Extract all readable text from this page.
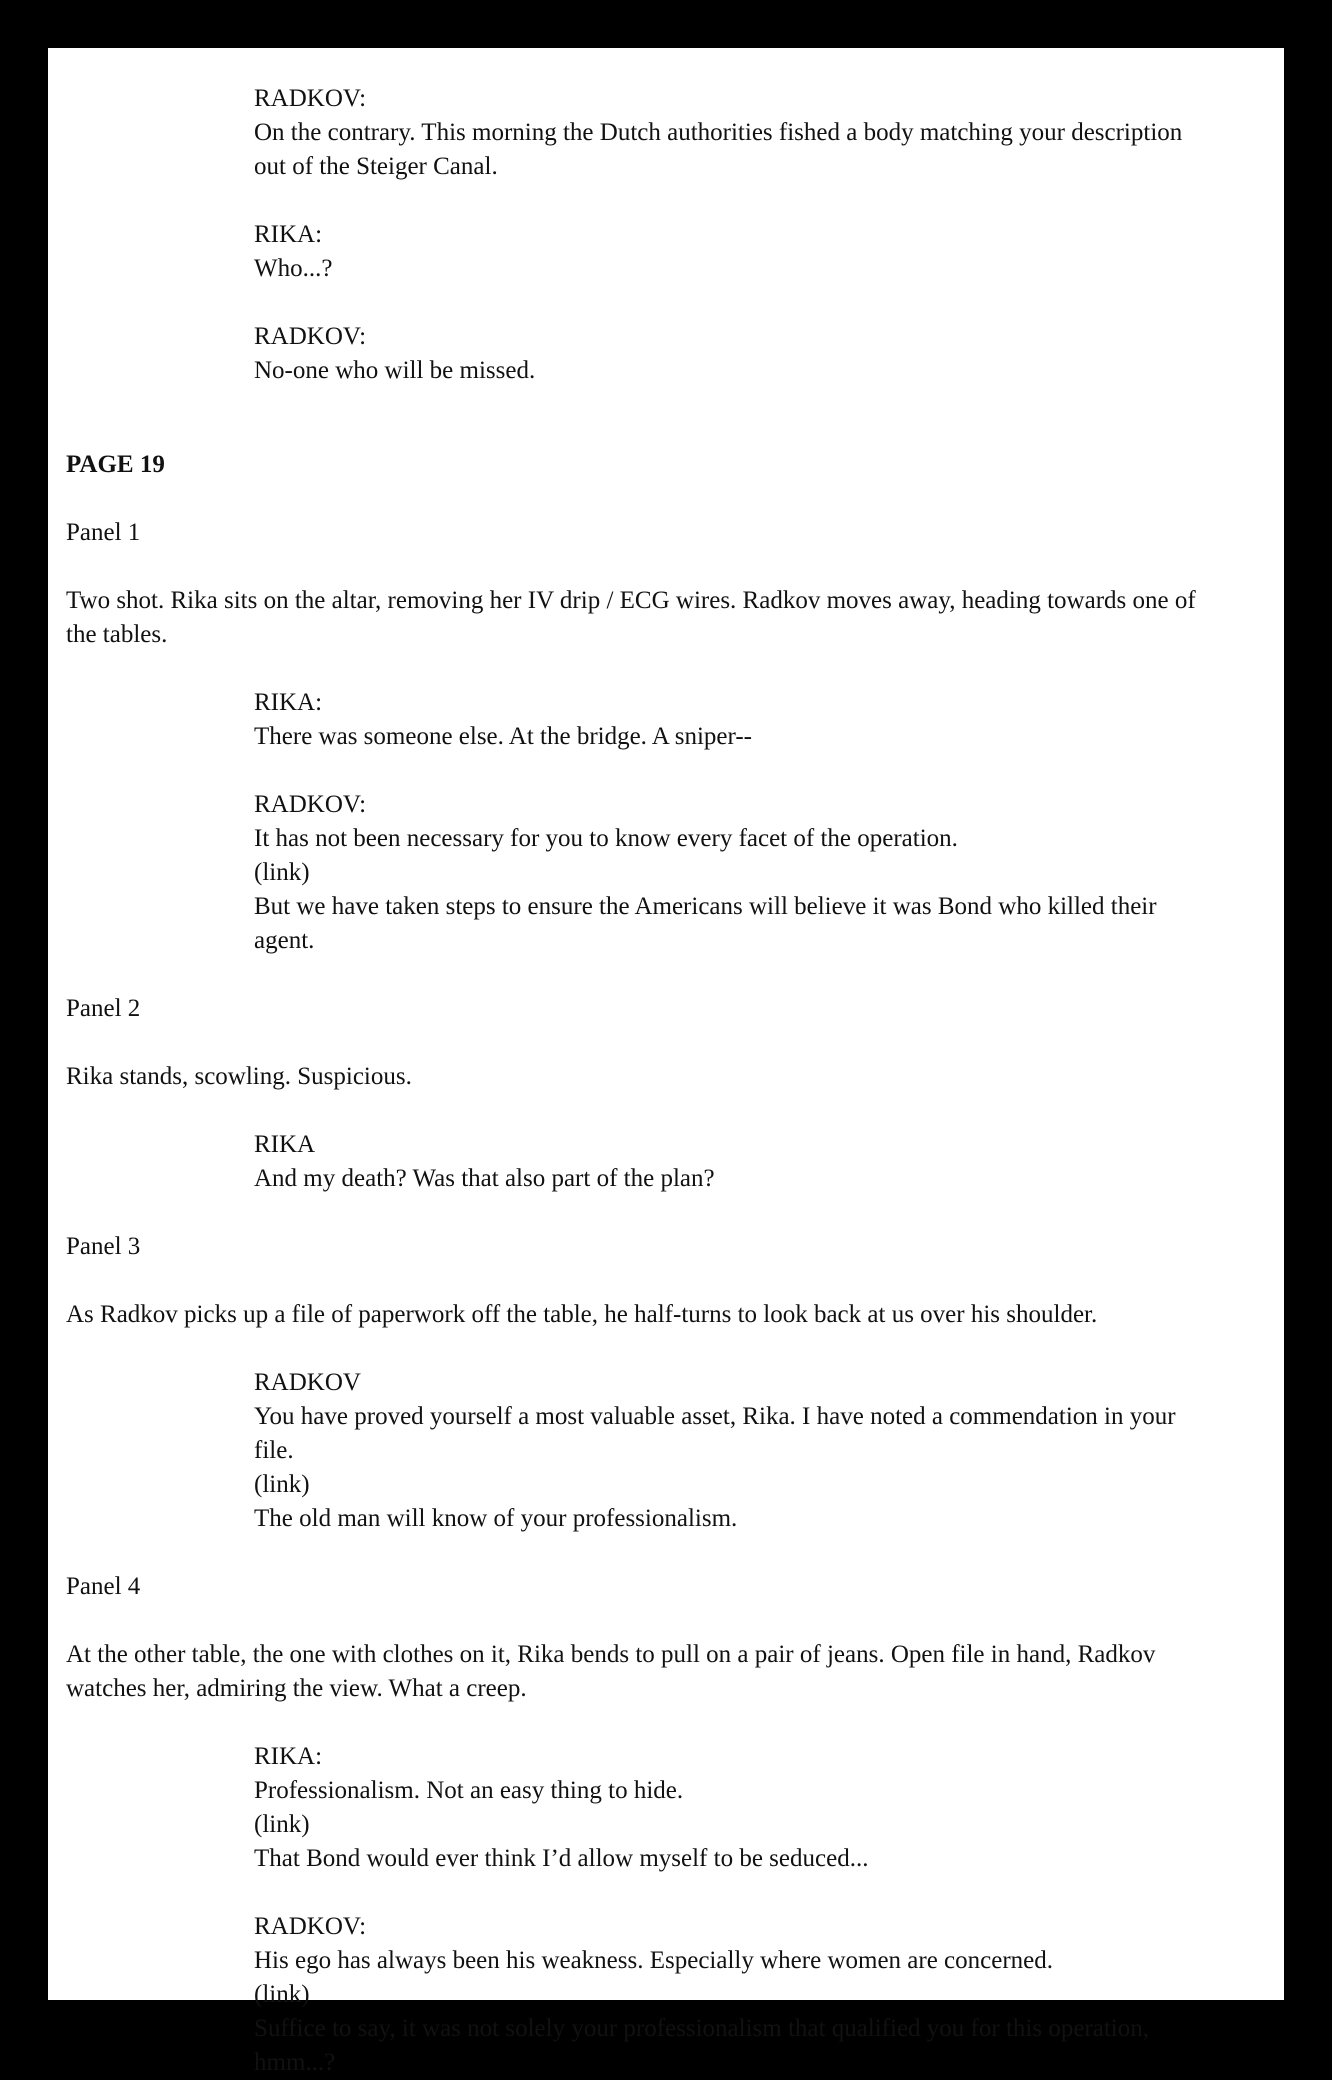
RADKOV:
On the contrary. This morning the Dutch authorities fished a body matching your description out of the Steiger Canal.
RIKA:
Who...?
RADKOV:
No-one who will be missed.
PAGE 19
Panel 1

Two shot. Rika sits on the altar, removing her IV drip / ECG wires. Radkov moves away, heading towards one of the tables.

RIKA:
There was someone else. At the bridge. A sniper--
RADKOV:
It has not been necessary for you to know every facet of the operation.
(link)
But we have taken steps to ensure the Americans will believe it was Bond who killed their agent.
Panel 2

Rika stands, scowling. Suspicious.

RIKA
And my death? Was that also part of the plan?
Panel 3

As Radkov picks up a file of paperwork off the table, he half-turns to look back at us over his shoulder.

RADKOV
You have proved yourself a most valuable asset, Rika. I have noted a commendation in your file.
(link)
The old man will know of your professionalism.
Panel 4

At the other table, the one with clothes on it, Rika bends to pull on a pair of jeans. Open file in hand, Radkov watches her, admiring the view. What a creep.

RIKA:
Professionalism. Not an easy thing to hide.
(link)
That Bond would ever think I’d allow myself to be seduced...
RADKOV:
His ego has always been his weakness. Especially where women are concerned.
(link)
Suffice to say, it was not solely your professionalism that qualified you for this operation, hmm...?
